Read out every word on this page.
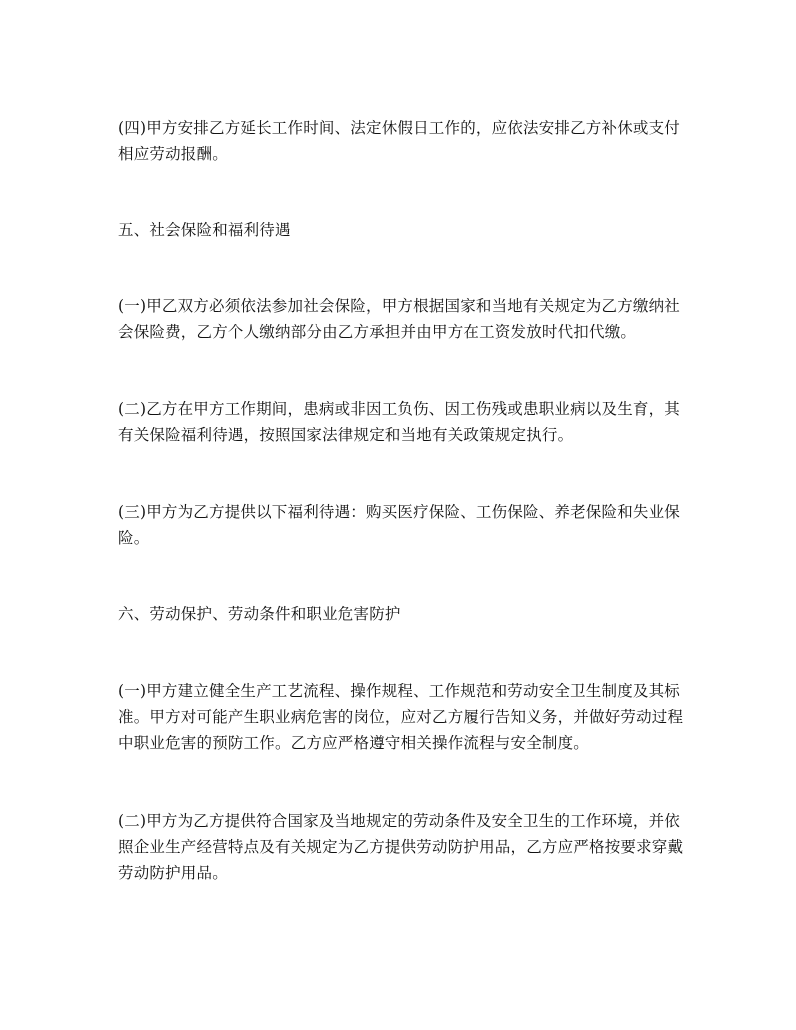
(四)甲方安排乙方延长工作时间、法定休假日工作的，应依法安排乙方补休或支付相应劳动报酬。

五、社会保险和福利待遇

(一)甲乙双方必须依法参加社会保险，甲方根据国家和当地有关规定为乙方缴纳社会保险费，乙方个人缴纳部分由乙方承担并由甲方在工资发放时代扣代缴。

(二)乙方在甲方工作期间，患病或非因工负伤、因工伤残或患职业病以及生育，其有关保险福利待遇，按照国家法律规定和当地有关政策规定执行。

(三)甲方为乙方提供以下福利待遇：购买医疗保险、工伤保险、养老保险和失业保险。

六、劳动保护、劳动条件和职业危害防护

(一)甲方建立健全生产工艺流程、操作规程、工作规范和劳动安全卫生制度及其标准。甲方对可能产生职业病危害的岗位，应对乙方履行告知义务，并做好劳动过程中职业危害的预防工作。乙方应严格遵守相关操作流程与安全制度。

(二)甲方为乙方提供符合国家及当地规定的劳动条件及安全卫生的工作环境，并依照企业生产经营特点及有关规定为乙方提供劳动防护用品，乙方应严格按要求穿戴劳动防护用品。
